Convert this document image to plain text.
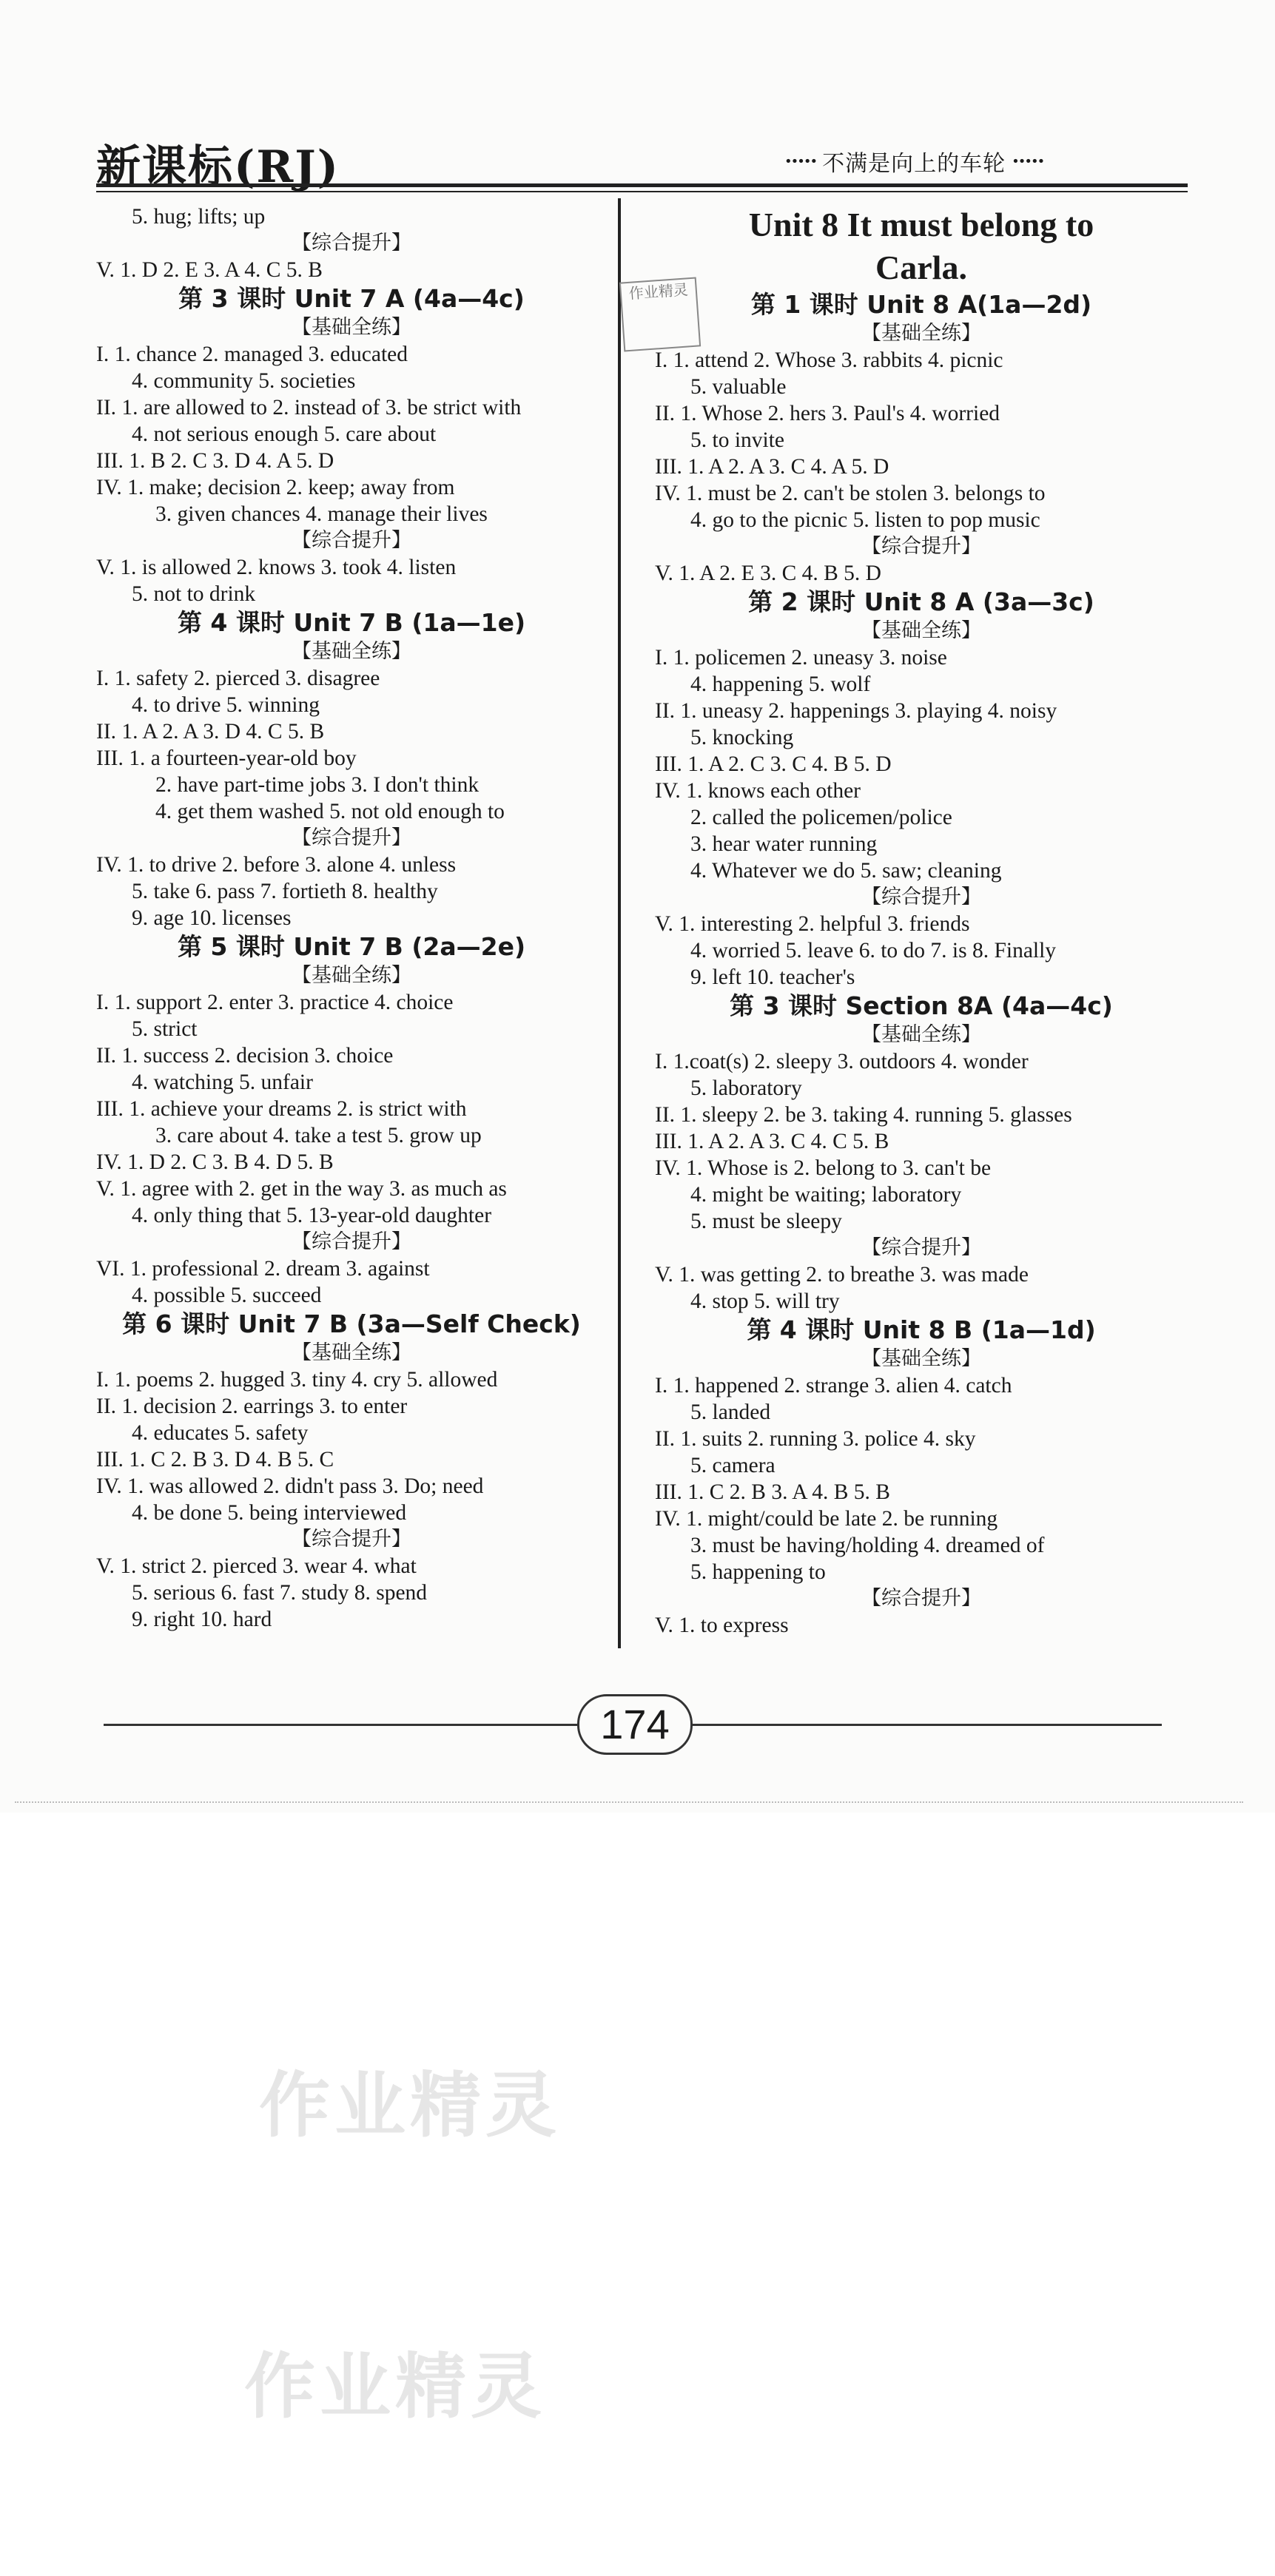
新课标(RJ)	••••• 不满是向上的车轮 •••••
5. hug; lifts; up
【综合提升】
V. 1. D 2. E 3. A 4. C 5. B
第 3 课时 Unit 7 A (4a—4c)
【基础全练】
I. 1. chance 2. managed 3. educated
4. community 5. societies
II. 1. are allowed to 2. instead of 3. be strict with
4. not serious enough 5. care about
III. 1. B 2. C 3. D 4. A 5. D
IV. 1. make; decision 2. keep; away from
3. given chances 4. manage their lives
【综合提升】
V. 1. is allowed 2. knows 3. took 4. listen
5. not to drink
第 4 课时 Unit 7 B (1a—1e)
【基础全练】
I. 1. safety 2. pierced 3. disagree
4. to drive 5. winning
II. 1. A 2. A 3. D 4. C 5. B
III. 1. a fourteen-year-old boy
2. have part-time jobs 3. I don't think
4. get them washed 5. not old enough to
【综合提升】
IV. 1. to drive 2. before 3. alone 4. unless
5. take 6. pass 7. fortieth 8. healthy
9. age 10. licenses
第 5 课时 Unit 7 B (2a—2e)
【基础全练】
I. 1. support 2. enter 3. practice 4. choice
5. strict
II. 1. success 2. decision 3. choice
4. watching 5. unfair
III. 1. achieve your dreams 2. is strict with
3. care about 4. take a test 5. grow up
IV. 1. D 2. C 3. B 4. D 5. B
V. 1. agree with 2. get in the way 3. as much as
4. only thing that 5. 13-year-old daughter
【综合提升】
VI. 1. professional 2. dream 3. against
4. possible 5. succeed
第 6 课时 Unit 7 B (3a—Self Check)
【基础全练】
I. 1. poems 2. hugged 3. tiny 4. cry 5. allowed
II. 1. decision 2. earrings 3. to enter
4. educates 5. safety
III. 1. C 2. B 3. D 4. B 5. C
IV. 1. was allowed 2. didn't pass 3. Do; need
4. be done 5. being interviewed
【综合提升】
V. 1. strict 2. pierced 3. wear 4. what
5. serious 6. fast 7. study 8. spend
9. right 10. hard
Unit 8 It must belong to
Carla.
第 1 课时 Unit 8 A(1a—2d)
【基础全练】
I. 1. attend 2. Whose 3. rabbits 4. picnic
5. valuable
II. 1. Whose 2. hers 3. Paul's 4. worried
5. to invite
III. 1. A 2. A 3. C 4. A 5. D
IV. 1. must be 2. can't be stolen 3. belongs to
4. go to the picnic 5. listen to pop music
【综合提升】
V. 1. A 2. E 3. C 4. B 5. D
第 2 课时 Unit 8 A (3a—3c)
【基础全练】
I. 1. policemen 2. uneasy 3. noise
4. happening 5. wolf
II. 1. uneasy 2. happenings 3. playing 4. noisy
5. knocking
III. 1. A 2. C 3. C 4. B 5. D
IV. 1. knows each other
2. called the policemen/police
3. hear water running
4. Whatever we do 5. saw; cleaning
【综合提升】
V. 1. interesting 2. helpful 3. friends
4. worried 5. leave 6. to do 7. is 8. Finally
9. left 10. teacher's
第 3 课时 Section 8A (4a—4c)
【基础全练】
I. 1.coat(s) 2. sleepy 3. outdoors 4. wonder
5. laboratory
II. 1. sleepy 2. be 3. taking 4. running 5. glasses
III. 1. A 2. A 3. C 4. C 5. B
IV. 1. Whose is 2. belong to 3. can't be
4. might be waiting; laboratory
5. must be sleepy
【综合提升】
V. 1. was getting 2. to breathe 3. was made
4. stop 5. will try
第 4 课时 Unit 8 B (1a—1d)
【基础全练】
I. 1. happened 2. strange 3. alien 4. catch
5. landed
II. 1. suits 2. running 3. police 4. sky
5. camera
III. 1. C 2. B 3. A 4. B 5. B
IV. 1. might/could be late 2. be running
3. must be having/holding 4. dreamed of
5. happening to
【综合提升】
V. 1. to express
作业精灵
174
作业精灵
作业精灵
